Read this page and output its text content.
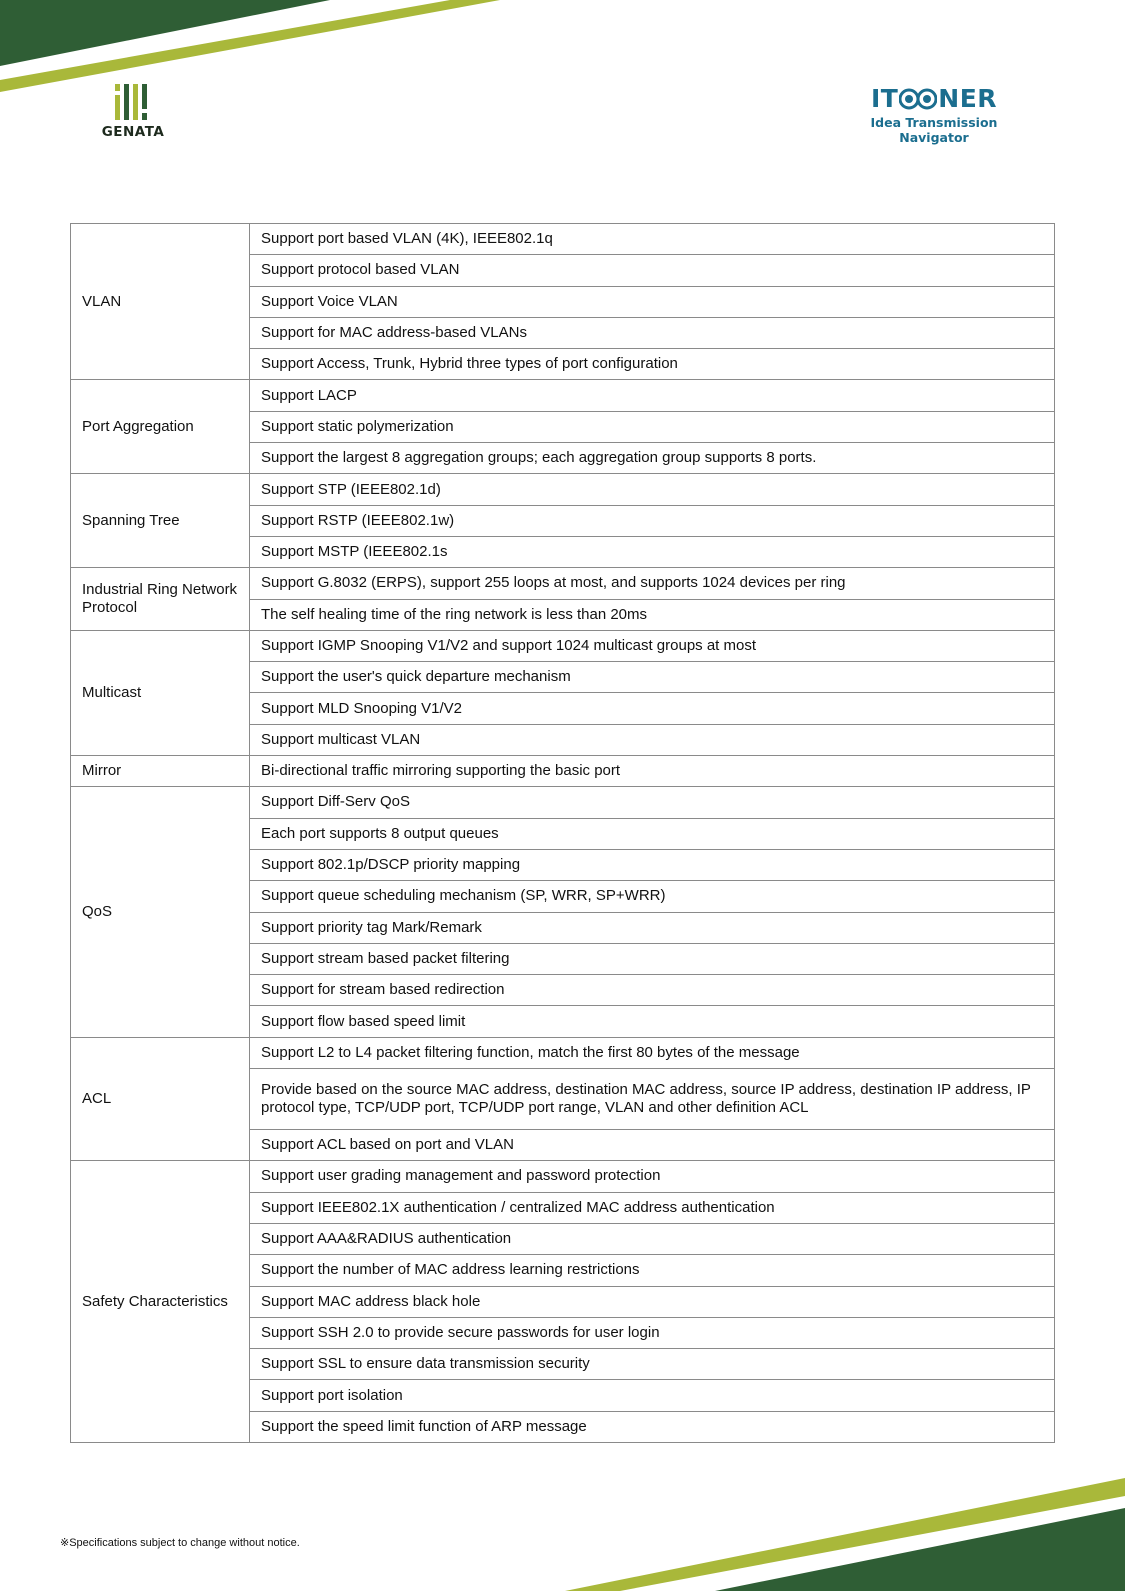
GENATA
IT NER
Idea Transmission Navigator
VLAN	Support port based VLAN (4K), IEEE802.1q
	Support protocol based VLAN
	Support Voice VLAN
	Support for MAC address-based VLANs
	Support Access, Trunk, Hybrid three types of port configuration
Port Aggregation	Support LACP
	Support static polymerization
	Support the largest 8 aggregation groups; each aggregation group supports 8 ports.
Spanning Tree	Support STP (IEEE802.1d)
	Support RSTP (IEEE802.1w)
	Support MSTP (IEEE802.1s
Industrial Ring Network Protocol	Support G.8032 (ERPS), support 255 loops at most, and supports 1024 devices per ring
	The self healing time of the ring network is less than 20ms
Multicast	Support IGMP Snooping V1/V2 and support 1024 multicast groups at most
	Support the user's quick departure mechanism
	Support MLD Snooping V1/V2
	Support multicast VLAN
Mirror	Bi-directional traffic mirroring supporting the basic port
QoS	Support Diff-Serv QoS
	Each port supports 8 output queues
	Support 802.1p/DSCP priority mapping
	Support queue scheduling mechanism (SP, WRR, SP+WRR)
	Support priority tag Mark/Remark
	Support stream based packet filtering
	Support for stream based redirection
	Support flow based speed limit
ACL	Support L2 to L4 packet filtering function, match the first 80 bytes of the message
	Provide based on the source MAC address, destination MAC address, source IP address, destination IP address, IP protocol type, TCP/UDP port, TCP/UDP port range, VLAN and other definition ACL
	Support ACL based on port and VLAN
Safety Characteristics	Support user grading management and password protection
	Support IEEE802.1X authentication / centralized MAC address authentication
	Support AAA&RADIUS authentication
	Support the number of MAC address learning restrictions
	Support MAC address black hole
	Support SSH 2.0 to provide secure passwords for user login
	Support SSL to ensure data transmission security
	Support port isolation
	Support the speed limit function of ARP message
※Specifications subject to change without notice.
